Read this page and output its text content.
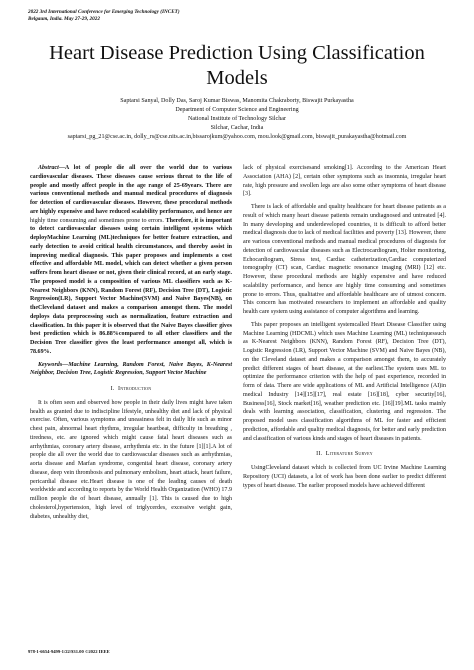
2022 3rd International Conference for Emerging Technology (INCET)
Belgaum, India. May 27-29, 2022
Heart Disease Prediction Using Classification
Models
Saptarsi Sanyal, Dolly Das, Saroj Kumar Biswas, Manomita Chakraborty, Biswajit Purkayastha
Department of Computer Science and Engineering
National Institute of Technology Silchar
Silchar, Cachar, India
saptarsi_pg_21@cse.ac.in, dolly_rs@cse.nits.ac.in,bissarojkum@yahoo.com, mou.look@gmail.com, biswajit_purakayastha@hotmail.com

Abstract—A lot of people die all over the world due to various cardiovascular diseases. These diseases cause serious threat to the life of people and mostly affect people in the age range of 25-69years. There are various conventional methods and manual medical procedures of diagnosis for detection of cardiovascular diseases. However, these procedural methods are highly expensive and have reduced scalability performance, and hence are highly time consuming and sometimes prone to errors. Therefore, it is important to detect cardiovascular diseases using certain intelligent systems which deployMachine Learning (ML)techniques for better feature extraction, and early detection to avoid critical health circumstances, and thereby assist in improving medical diagnosis. This paper proposes and implements a cost effective and affordable ML model, which can detect whether a given person suffers from heart disease or not, given their clinical record, at an early stage. The proposed model is a composition of various ML classifiers such as K-Nearest Neighbors (KNN), Random Forest (RF), Decision Tree (DT), Logistic Regression(LR), Support Vector Machine(SVM) and Naive Bayes(NB), on theCleveland dataset and makes a comparison amongst them. The model deploys data preprocessing such as normalization, feature extraction and classification. In this paper it is observed that the Naive Bayes classifier gives best prediction which is 86.88%compared to all other classifiers and the Decision Tree classifier gives the least performance amongst all, which is 78.69%.

Keywords—Machine Learning, Random Forest, Naive Bayes, K-Nearest Neighbor, Decision Tree, Logistic Regression, Support Vector Machine

I. Introduction

It is often seen and observed how people in their daily lives might have taken health as granted due to indiscipline lifestyle, unhealthy diet and lack of physical exercise. Often, various symptoms and uneasiness felt in daily life such as minor chest pain, abnormal heart rhythms, irregular heartbeat, difficulty in breathing , tiredness, etc. are ignored which might cause fatal heart diseases such as arrhythmias, coronary artery disease, arrhythmia etc. in the future [1][1].A lot of people die all over the world due to cardiovascular diseases such as arrhythmias, aorta disease and Marfan syndrome, congenital heart disease, coronary artery disease, deep vein thrombosis and pulmonary embolism, heart attack, heart failure, pericardial disease etc.Heart disease is one of the leading causes of death worldwide and according to reports by the World Health Organization (WHO) 17.9 million people die of heart disease, annually [1]. This is caused due to high cholesterol,hypertension, high level of triglycerdes, excessive weight gain, diabetes, unhealthy diet,

lack of physical exercisesand smoking[1]. According to the American Heart Association (AHA) [2], certain other symptoms such as insomnia, irregular heart rate, high pressure and swollen legs are also some other symptoms of heart disease [3].

There is lack of affordable and quality healthcare for heart disease patients as a result of which many heart disease patients remain undiagnosed and untreated [4]. In many developing and underdeveloped countries, it is difficult to afford better medical diagnosis due to lack of medical facilities and poverty [13]. However, there are various conventional methods and manual medical procedures of diagnosis for detection of cardiovascular diseases such as Electrocardiogram, Holter monitoring, Echocardiogram, Stress test, Cardiac catheterization,Cardiac computerized tomography (CT) scan, Cardiac magnetic resonance imaging (MRI) [12] etc. However, these procedural methods are highly expensive and have reduced scalability performance, and hence are highly time consuming and sometimes prone to errors. Thus, qualitative and affordable healthcare are of utmost concern. This concern has motivated researchers to implement an affordable and quality health care system using assistance of computer algorithms and learning.

This paper proposes an intelligent systemcalled Heart Disease Classifier using Machine Learning (HDCML) which uses Machine Learning (ML) techniquessuch as K-Nearest Neighbors (KNN), Random Forest (RF), Decision Tree (DT), Logistic Regression (LR), Support Vector Machine (SVM) and Naive Bayes (NB), on the Cleveland dataset and makes a comparison amongst them, to accurately predict different stages of heart disease, at the earliest.The system uses ML to optimize the performance criterion with the help of past experience, recorded in form of data. There are wide applications of ML and Artificial Intelligence (AI)in medical Industry [14][15][17], real estate [16][18], cyber security[16], Business[16], Stock market[16], weather prediction etc. [16][19].ML tasks mainly deals with learning association, classification, clustering and regression. The proposed model uses classification algorithms of ML for faster and efficient prediction, affordable and quality medical diagnosis, for better and early prediction and classification of various kinds and stages of heart diseases in patients.

II. Literature Survey

UsingCleveland dataset which is collected from UC Irvine Machine Learning Repository (UCI) datasets, a lot of work has been done earlier to predict different types of heart disease. The earlier proposed models have achieved different

978-1-6654-9499-1/22/$31.00 ©2022 IEEE
